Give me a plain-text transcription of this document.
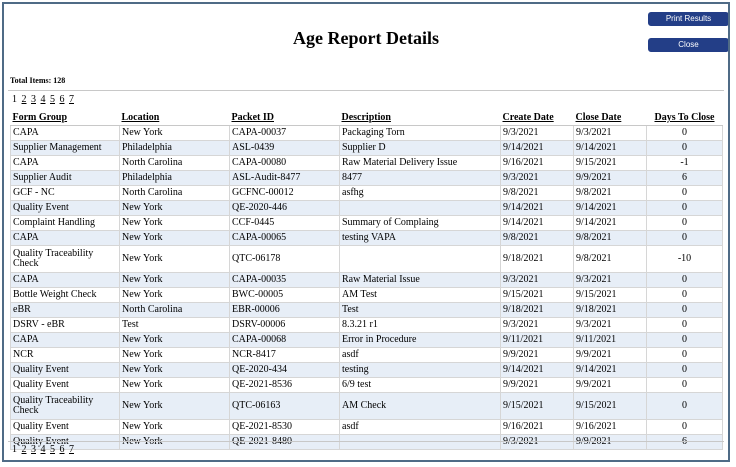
Age Report Details
Print Results
Close
Total Items: 128
1 2 3 4 5 6 7
Form Group	Location	Packet ID	Description	Create Date	Close Date	Days To Close
CAPA	New York	CAPA-00037	Packaging Torn	9/3/2021	9/3/2021	0
Supplier Management	Philadelphia	ASL-0439	Supplier D	9/14/2021	9/14/2021	0
CAPA	North Carolina	CAPA-00080	Raw Material Delivery Issue	9/16/2021	9/15/2021	-1
Supplier Audit	Philadelphia	ASL-Audit-8477	8477	9/3/2021	9/9/2021	6
GCF - NC	North Carolina	GCFNC-00012	asfhg	9/8/2021	9/8/2021	0
Quality Event	New York	QE-2020-446		9/14/2021	9/14/2021	0
Complaint Handling	New York	CCF-0445	Summary of Complaing	9/14/2021	9/14/2021	0
CAPA	New York	CAPA-00065	testing VAPA	9/8/2021	9/8/2021	0
Quality Traceability Check	New York	QTC-06178		9/18/2021	9/8/2021	-10
CAPA	New York	CAPA-00035	Raw Material Issue	9/3/2021	9/3/2021	0
Bottle Weight Check	New York	BWC-00005	AM Test	9/15/2021	9/15/2021	0
eBR	North Carolina	EBR-00006	Test	9/18/2021	9/18/2021	0
DSRV - eBR	Test	DSRV-00006	8.3.21 r1	9/3/2021	9/3/2021	0
CAPA	New York	CAPA-00068	Error in Procedure	9/11/2021	9/11/2021	0
NCR	New York	NCR-8417	asdf	9/9/2021	9/9/2021	0
Quality Event	New York	QE-2020-434	testing	9/14/2021	9/14/2021	0
Quality Event	New York	QE-2021-8536	6/9 test	9/9/2021	9/9/2021	0
Quality Traceability Check	New York	QTC-06163	AM Check	9/15/2021	9/15/2021	0
Quality Event	New York	QE-2021-8530	asdf	9/16/2021	9/16/2021	0
Quality Event	New York	QE-2021-8480		9/3/2021	9/9/2021	6
1 2 3 4 5 6 7
